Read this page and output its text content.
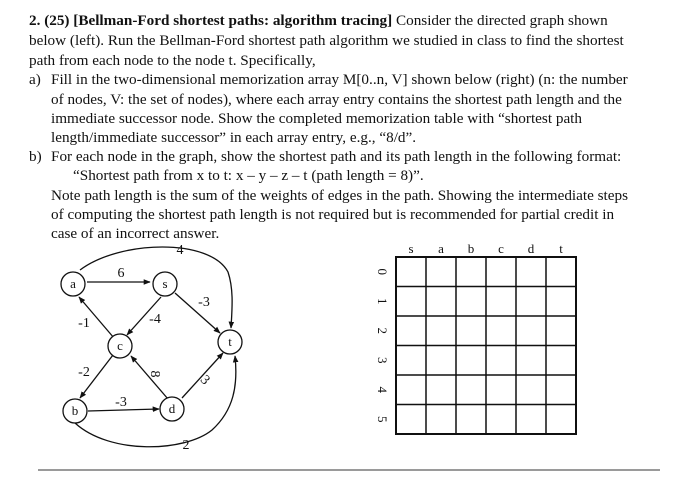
2. (25) [Bellman-Ford shortest paths: algorithm tracing] Consider the directed graph shown
below (left). Run the Bellman-Ford shortest path algorithm we studied in class to find the shortest
path from each node to the node t. Specifically,
a) Fill in the two-dimensional memorization array M[0..n, V] shown below (right) (n: the number
of nodes, V: the set of nodes), where each array entry contains the shortest path length and the
immediate successor node. Show the completed memorization table with “shortest path
length/immediate successor” in each array entry, e.g., “8/d”.
b) For each node in the graph, show the shortest path and its path length in the following format:
“Shortest path from x to t: x – y – z – t (path length = 8)”.
Note path length is the sum of the weights of edges in the path. Showing the intermediate steps
of computing the shortest path length is not required but is recommended for partial credit in
case of an incorrect answer.
a	s
c	t
b	d
6
4
-3
-4
-1
-2
-3
8 3
2
s a b c d t
0
1
2
3
4
5
